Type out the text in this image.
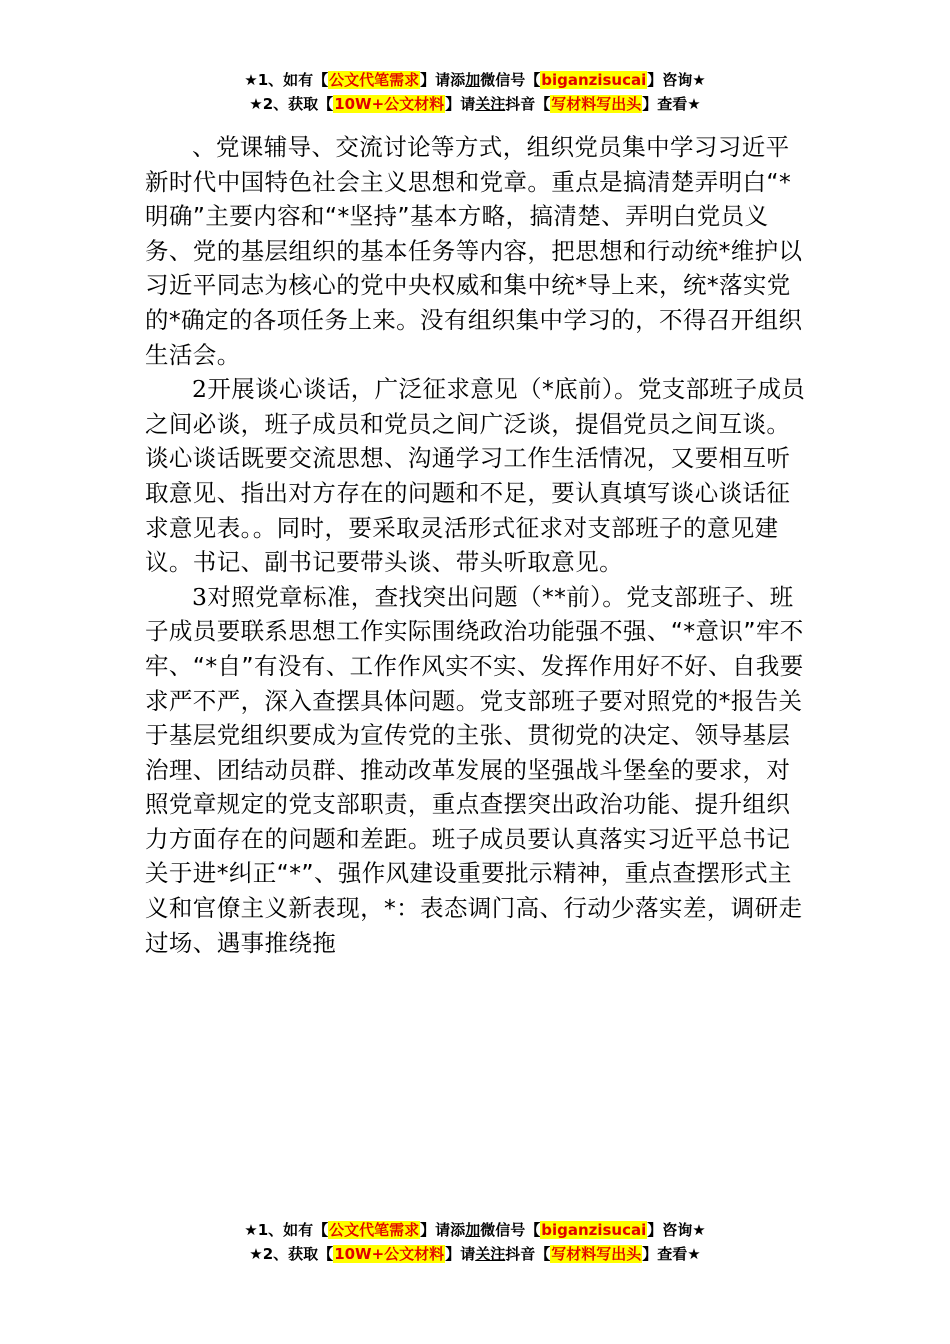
★1、如有【公文代笔需求】请添加微信号【biganzisucai】咨询★
★2、获取【10W+公文材料】请关注抖音【写材料写出头】查看★

、党课辅导、交流讨论等方式，组织党员集中学习习近平新时代中国特色社会主义思想和党章。重点是搞清楚弄明白“*明确”主要内容和“*坚持”基本方略，搞清楚、弄明白党员义务、党的基层组织的基本任务等内容，把思想和行动统*维护以习近平同志为核心的党中央权威和集中统*导上来，统*落实党的*确定的各项任务上来。没有组织集中学习的，不得召开组织生活会。

2开展谈心谈话，广泛征求意见（*底前）。党支部班子成员之间必谈，班子成员和党员之间广泛谈，提倡党员之间互谈。谈心谈话既要交流思想、沟通学习工作生活情况，又要相互听取意见、指出对方存在的问题和不足，要认真填写谈心谈话征求意见表。。同时，要采取灵活形式征求对支部班子的意见建议。书记、副书记要带头谈、带头听取意见。

3对照党章标准，查找突出问题（**前）。党支部班子、班子成员要联系思想工作实际围绕政治功能强不强、“*意识”牢不牢、“*自”有没有、工作作风实不实、发挥作用好不好、自我要求严不严，深入查摆具体问题。党支部班子要对照党的*报告关于基层党组织要成为宣传党的主张、贯彻党的决定、领导基层治理、团结动员群、推动改革发展的坚强战斗堡垒的要求，对照党章规定的党支部职责，重点查摆突出政治功能、提升组织力方面存在的问题和差距。班子成员要认真落实习近平总书记关于进*纠正“*”、强作风建设重要批示精神，重点查摆形式主义和官僚主义新表现，*：表态调门高、行动少落实差，调研走过场、遇事推绕拖

★1、如有【公文代笔需求】请添加微信号【biganzisucai】咨询★
★2、获取【10W+公文材料】请关注抖音【写材料写出头】查看★
